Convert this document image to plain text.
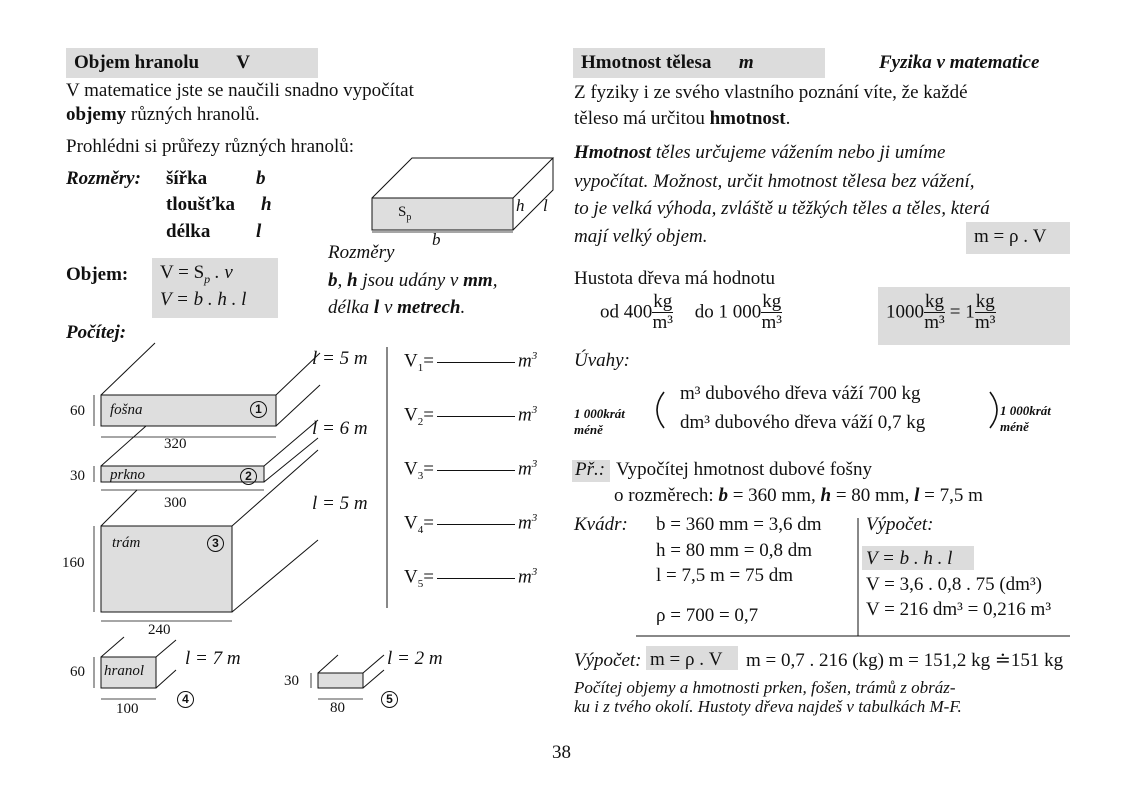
Objem hranolu V
V matematice jste se naučili snadno vypočítat
objemy různých hranolů.
Prohlédni si průřezy různých hranolů:
Rozměry: šířka	b
tloušťka h
délka l
$S_p$
h l
b
Rozměry
b, h jsou udány v mm,
délka l v metrech.
Objem: $V = S_p$ . v
V = b . h . l
Počítej:
60 fošna	1
320
l = 5 m
30 prkno	2
300
l = 6 m
160
trám	3
240
l = 5 m
60 hranol
4
100
l = 7 m
30
5
80
l = 2 m
$V_1=$	$m^3$
$V_2=$	$m^3$
$V_3=$	$m^3$
$V_4=$	$m^3$
$V_5=$	$m^3$
Hmotnost tělesa m	Fyzika v matematice
Z fyziky i ze svého vlastního poznání víte, že každé
těleso má určitou hmotnost.
Hmotnost těles určujeme vážením nebo ji umíme
vypočítat. Možnost, určit hmotnost tělesa bez vážení,
to je velká výhoda, zvláště u těžkých těles a těles, která
mají velký objem.	m = ρ . V
Hustota dřeva má hodnotu
od $400 \frac{kg}{\text{m³}}$ do 1 $000 \frac{kg}{\text{m³}}$	$1000 \frac{kg}{\text{m³}} = 1 \frac{kg}{\text{m³}}$
Úvahy:
1 000krát
méně
m³ dubového dřeva váží 700 kg
dm³ dubového dřeva váží 0,7 kg
1 000krát
méně
Př.: Vypočítej hmotnost dubové fošny
o rozměrech: b = 360 mm, h = 80 mm, l = 7,5 m
Kvádr: b = 360 mm = 3,6 dm
h = 80 mm = 0,8 dm
l = 7,5 m = 75 dm
ρ = 700 = 0,7
Výpočet:
V = b . h . l
V = 3,6 . 0,8 . 75 (dm³)
V = 216 dm³ = 0,216 m³
Výpočet: m = ρ . V m = 0,7 . 216 (kg) m = 151,2 kg ≐151 kg
Počítej objemy a hmotnosti prken, fošen, trámů z obráz-
ku i z tvého okolí. Hustoty dřeva najdeš v tabulkách M-F.
38
